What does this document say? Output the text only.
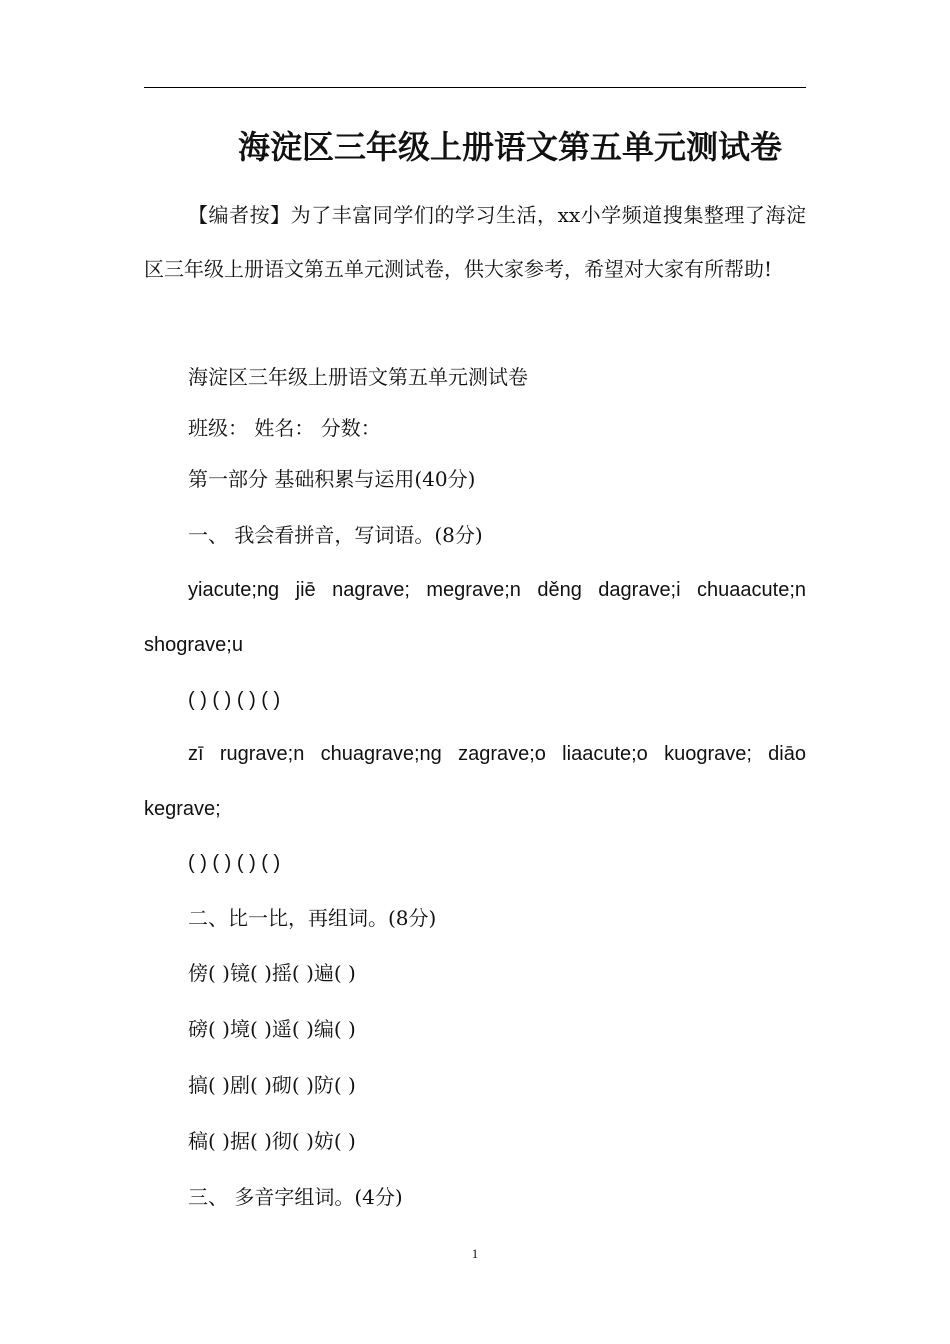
海淀区三年级上册语文第五单元测试卷
【编者按】为了丰富同学们的学习生活，xx小学频道搜集整理了海淀区三年级上册语文第五单元测试卷，供大家参考，希望对大家有所帮助!
海淀区三年级上册语文第五单元测试卷
班级： 姓名： 分数：
第一部分 基础积累与运用(40分)
一、 我会看拼音，写词语。(8分)
yiacute;ng jiē nagrave; megrave;n děng dagrave;i chuaacute;n
shograve;u
( ) ( ) ( ) ( )
zī rugrave;n chuagrave;ng zagrave;o liaacute;o kuograve; diāo
kegrave;
( ) ( ) ( ) ( )
二、比一比，再组词。(8分)
傍( )镜( )摇( )遍( )
磅( )境( )遥( )编( )
搞( )剧( )砌( )防( )
稿( )据( )彻( )妨( )
三、 多音字组词。(4分)
1
